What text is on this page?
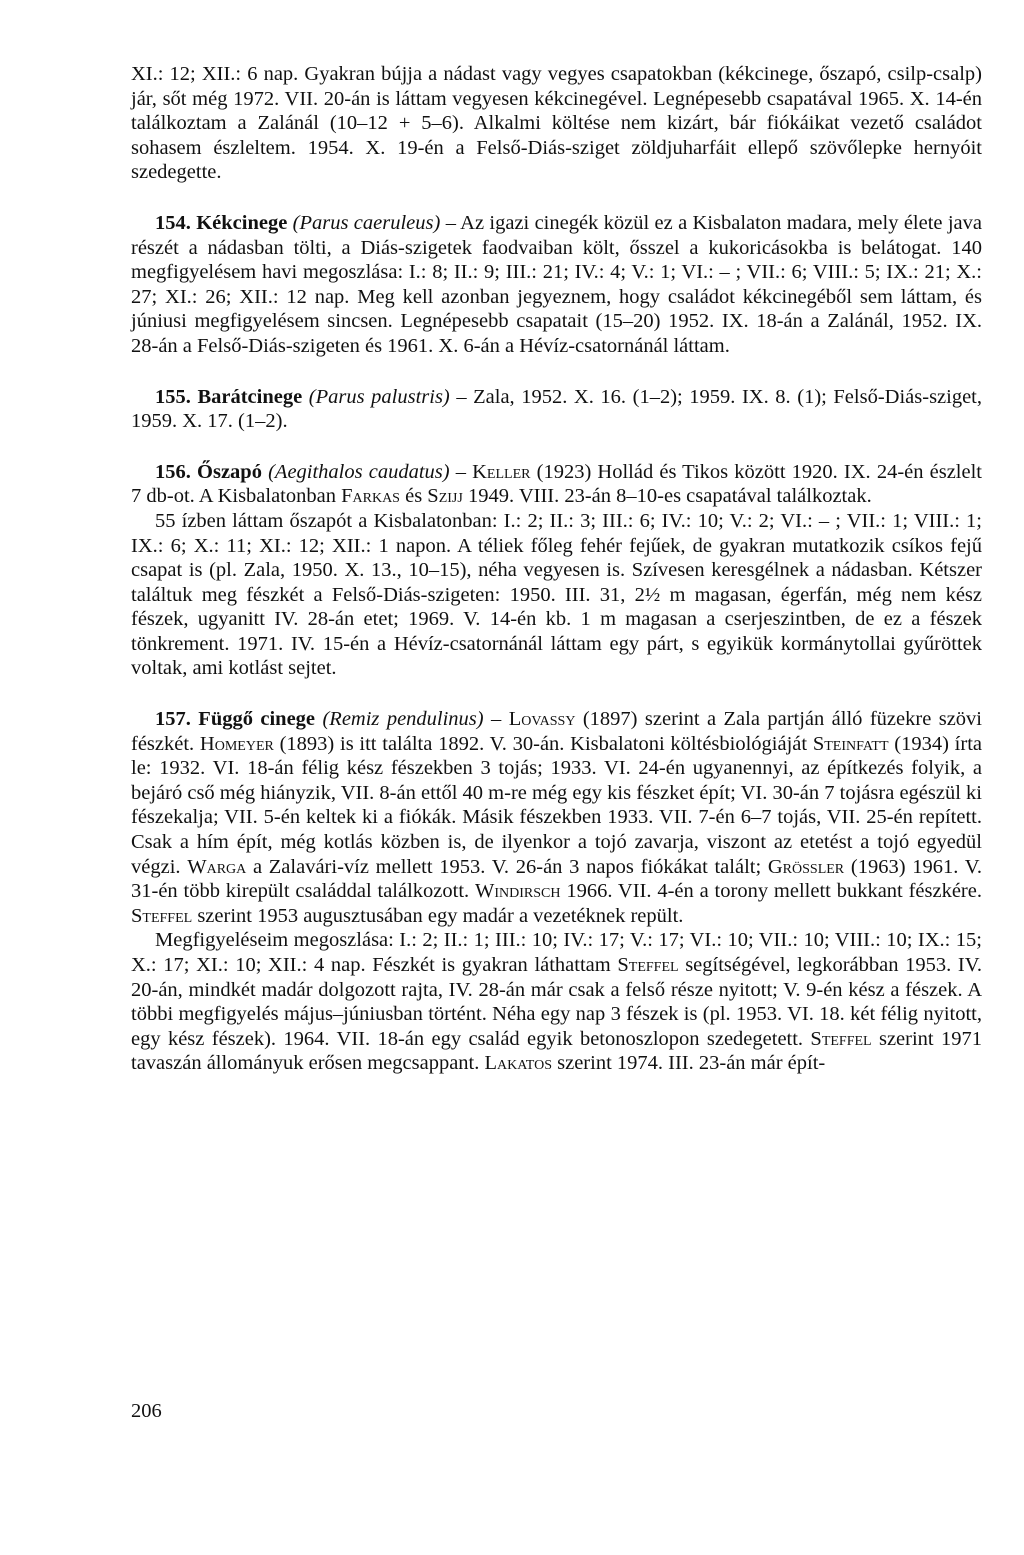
XI.: 12; XII.: 6 nap. Gyakran bújja a nádast vagy vegyes csapatokban (kékcinege, őszapó, csilp-csalp) jár, sőt még 1972. VII. 20-án is láttam vegyesen kékcinegével. Legnépesebb csapatával 1965. X. 14-én találkoztam a Zalánál (10–12 + 5–6). Alkalmi költése nem kizárt, bár fiókáikat vezető családot sohasem észleltem. 1954. X. 19-én a Felső-Diás-sziget zöldjuharfáit ellepő szövőlepke hernyóit szedegette.

154. Kékcinege (Parus caeruleus) – Az igazi cinegék közül ez a Kisbalaton madara, mely élete java részét a nádasban tölti, a Diás-szigetek faodvaiban költ, ősszel a kukoricásokba is belátogat. 140 megfigyelésem havi megoszlása: I.: 8; II.: 9; III.: 21; IV.: 4; V.: 1; VI.: – ; VII.: 6; VIII.: 5; IX.: 21; X.: 27; XI.: 26; XII.: 12 nap. Meg kell azonban jegyeznem, hogy családot kékcinegéből sem láttam, és júniusi megfigyelésem sincsen. Legnépesebb csapatait (15–20) 1952. IX. 18-án a Zalánál, 1952. IX. 28-án a Felső-Diás-szigeten és 1961. X. 6-án a Hévíz-csatornánál láttam.

155. Barátcinege (Parus palustris) – Zala, 1952. X. 16. (1–2); 1959. IX. 8. (1); Felső-Diás-sziget, 1959. X. 17. (1–2).

156. Őszapó (Aegithalos caudatus) – Keller (1923) Hollád és Tikos között 1920. IX. 24-én észlelt 7 db-ot. A Kisbalatonban Farkas és Szijj 1949. VIII. 23-án 8–10-es csapatával találkoztak.

55 ízben láttam őszapót a Kisbalatonban: I.: 2; II.: 3; III.: 6; IV.: 10; V.: 2; VI.: – ; VII.: 1; VIII.: 1; IX.: 6; X.: 11; XI.: 12; XII.: 1 napon. A téliek főleg fehér fejűek, de gyakran mutatkozik csíkos fejű csapat is (pl. Zala, 1950. X. 13., 10–15), néha vegyesen is. Szívesen keresgélnek a nádasban. Kétszer találtuk meg fészkét a Felső-Diás-szigeten: 1950. III. 31, 2½ m magasan, égerfán, még nem kész fészek, ugyanitt IV. 28-án etet; 1969. V. 14-én kb. 1 m magasan a cserjeszintben, de ez a fészek tönkrement. 1971. IV. 15-én a Hévíz-csatornánál láttam egy párt, s egyikük kormánytollai gyűröttek voltak, ami kotlást sejtet.

157. Függő cinege (Remiz pendulinus) – Lovassy (1897) szerint a Zala partján álló füzekre szövi fészkét. Homeyer (1893) is itt találta 1892. V. 30-án. Kisbalatoni költésbiológiáját Steinfatt (1934) írta le: 1932. VI. 18-án félig kész fészekben 3 tojás; 1933. VI. 24-én ugyanennyi, az építkezés folyik, a bejáró cső még hiányzik, VII. 8-án ettől 40 m-re még egy kis fészket épít; VI. 30-án 7 tojásra egészül ki fészekalja; VII. 5-én keltek ki a fiókák. Másik fészekben 1933. VII. 7-én 6–7 tojás, VII. 25-én repített. Csak a hím épít, még kotlás közben is, de ilyenkor a tojó zavarja, viszont az etetést a tojó egyedül végzi. Warga a Zalavári-víz mellett 1953. V. 26-án 3 napos fiókákat talált; Grössler (1963) 1961. V. 31-én több kirepült családdal találkozott. Windirsch 1966. VII. 4-én a torony mellett bukkant fészkére. Steffel szerint 1953 augusztusában egy madár a vezetéknek repült.

Megfigyeléseim megoszlása: I.: 2; II.: 1; III.: 10; IV.: 17; V.: 17; VI.: 10; VII.: 10; VIII.: 10; IX.: 15; X.: 17; XI.: 10; XII.: 4 nap. Fészkét is gyakran láthattam Steffel segítségével, legkorábban 1953. IV. 20-án, mindkét madár dolgozott rajta, IV. 28-án már csak a felső része nyitott; V. 9-én kész a fészek. A többi megfigyelés május–júniusban történt. Néha egy nap 3 fészek is (pl. 1953. VI. 18. két félig nyitott, egy kész fészek). 1964. VII. 18-án egy család egyik betonoszlopon szedegetett. Steffel szerint 1971 tavaszán állományuk erősen megcsappant. Lakatos szerint 1974. III. 23-án már épít-

206
